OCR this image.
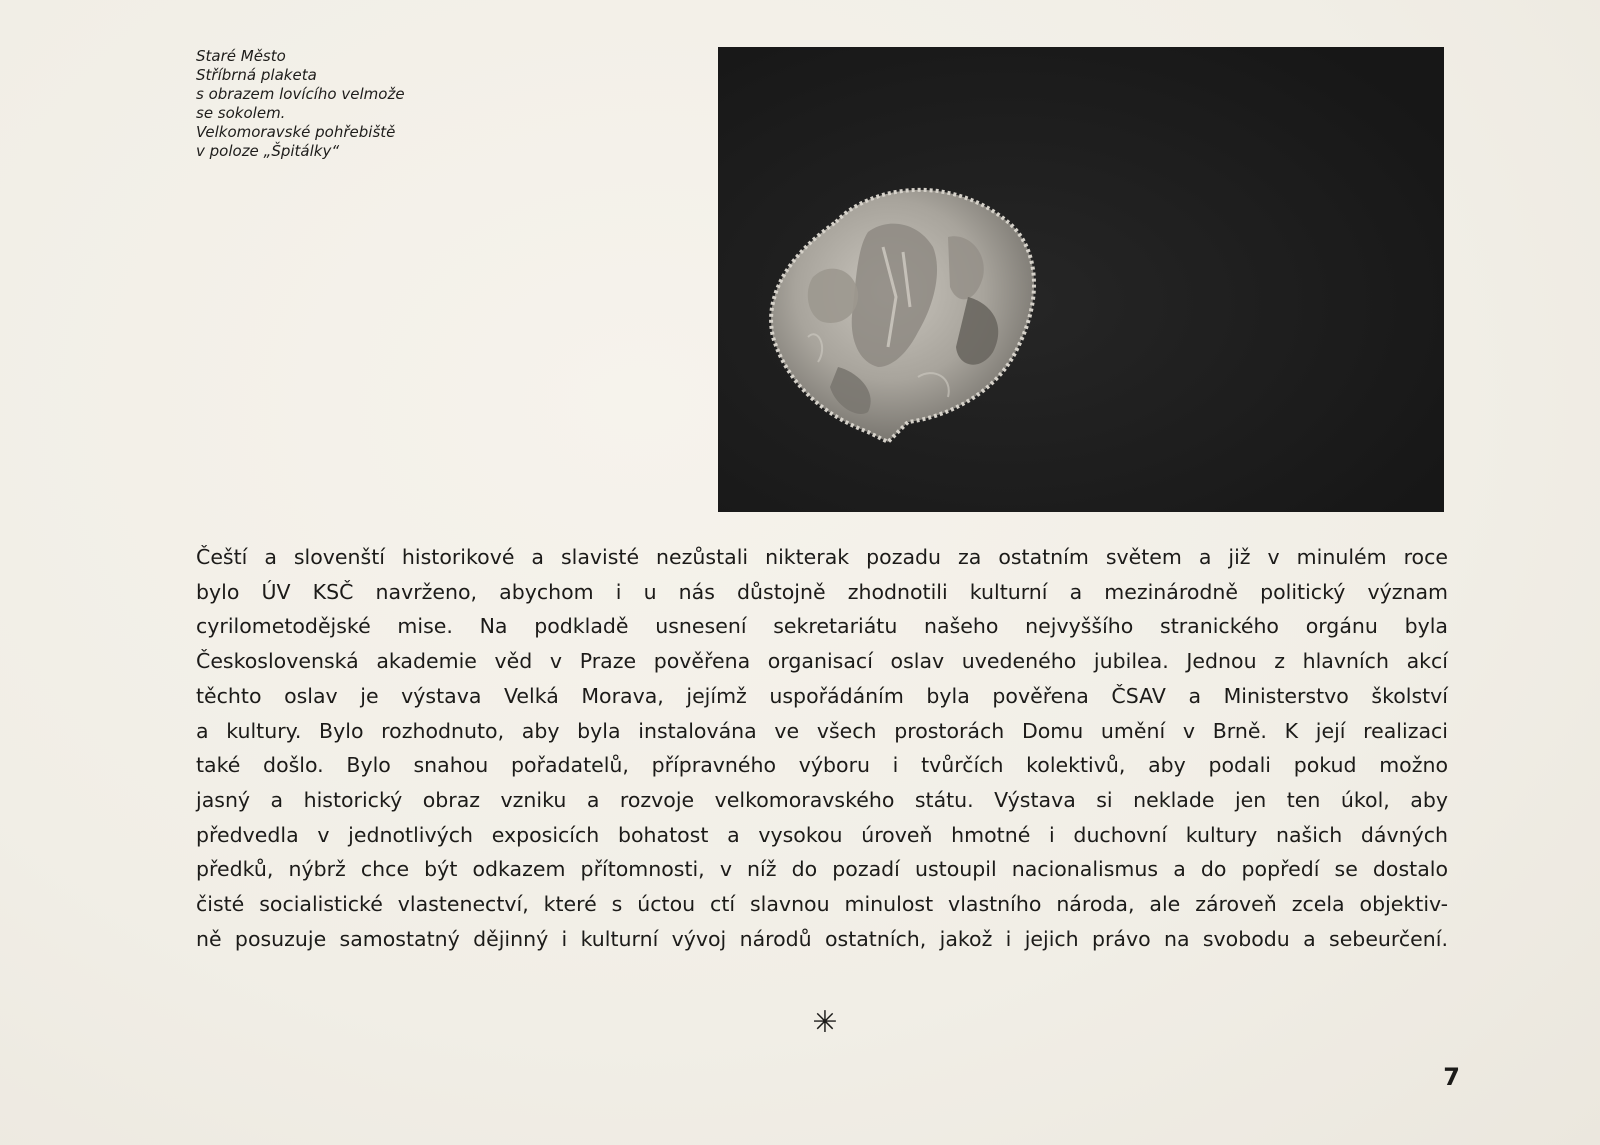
Staré Město
Stříbrná plaketa
s obrazem lovícího velmože
se sokolem.
Velkomoravské pohřebiště
v poloze „Špitálky“
Čeští a slovenští historikové a slavisté nezůstali nikterak pozadu za ostatním světem a již v minulém roce
bylo ÚV KSČ navrženo, abychom i u nás důstojně zhodnotili kulturní a mezinárodně politický význam
cyrilometodějské mise. Na podkladě usnesení sekretariátu našeho nejvyššího stranického orgánu byla
Československá akademie věd v Praze pověřena organisací oslav uvedeného jubilea. Jednou z hlavních akcí
těchto oslav je výstava Velká Morava, jejímž uspořádáním byla pověřena ČSAV a Ministerstvo školství
a kultury. Bylo rozhodnuto, aby byla instalována ve všech prostorách Domu umění v Brně. K její realizaci
také došlo. Bylo snahou pořadatelů, přípravného výboru i tvůrčích kolektivů, aby podali pokud možno
jasný a historický obraz vzniku a rozvoje velkomoravského státu. Výstava si neklade jen ten úkol, aby
předvedla v jednotlivých exposicích bohatost a vysokou úroveň hmotné i duchovní kultury našich dávných
předků, nýbrž chce být odkazem přítomnosti, v níž do pozadí ustoupil nacionalismus a do popředí se dostalo
čisté socialistické vlastenectví, které s úctou ctí slavnou minulost vlastního národa, ale zároveň zcela objektiv-
ně posuzuje samostatný dějinný i kulturní vývoj národů ostatních, jakož i jejich právo na svobodu a sebeurčení.
✳
7
